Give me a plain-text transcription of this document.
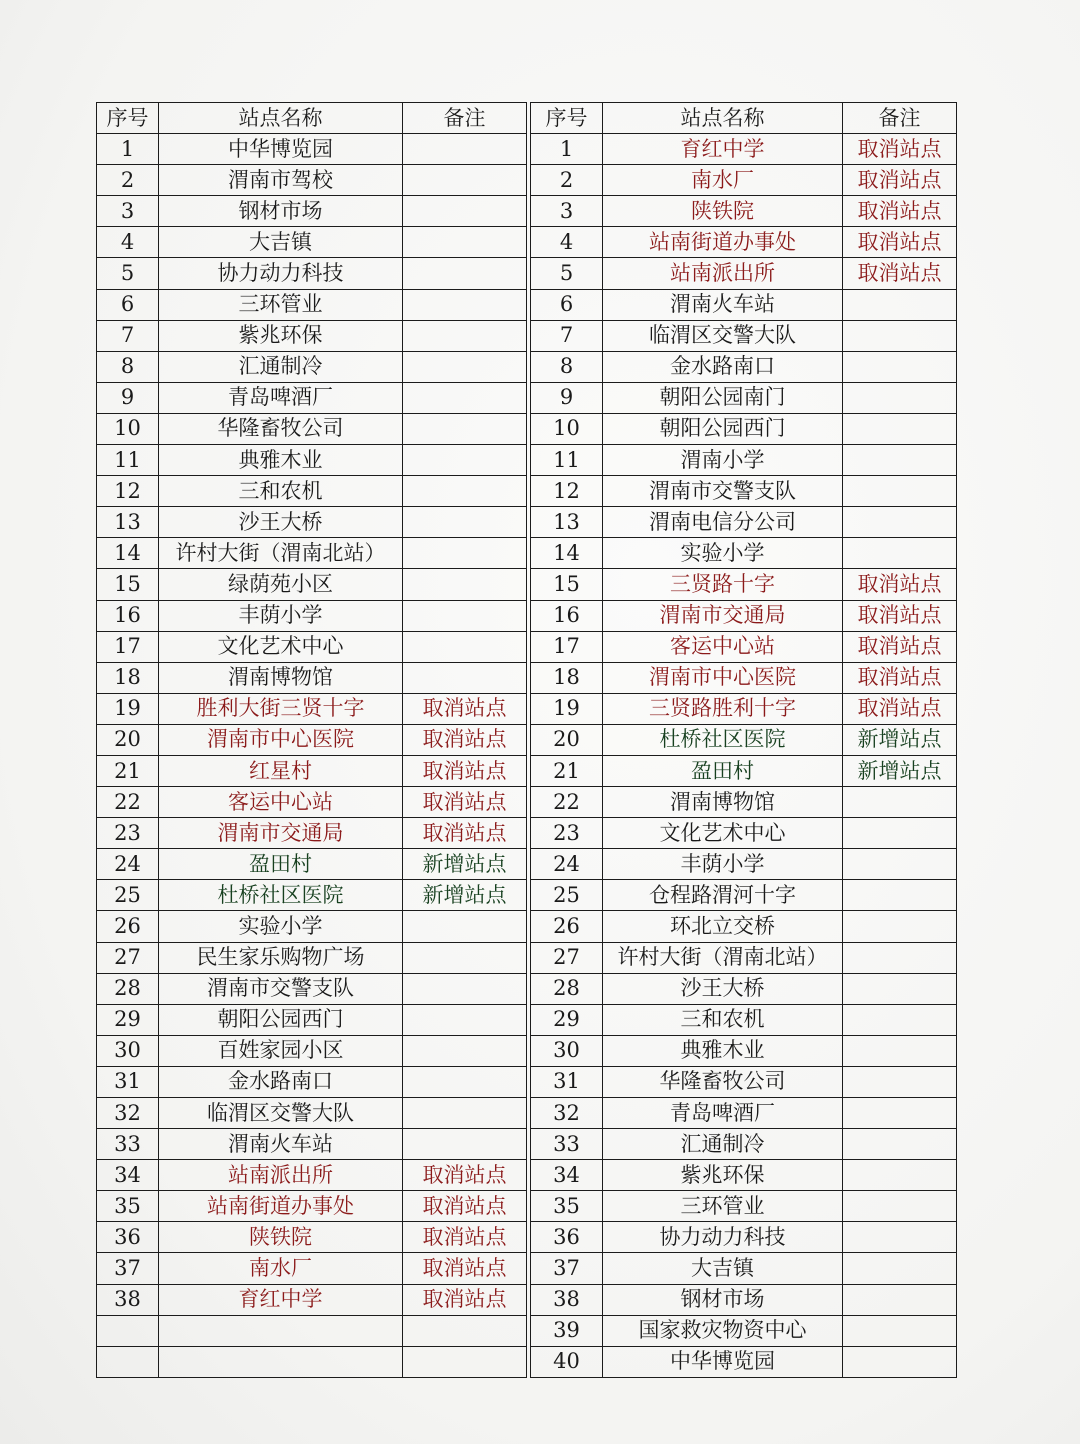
序号	站点名称	备注		序号	站点名称	备注
1	中华博览园			1	育红中学	取消站点
2	渭南市驾校			2	南水厂	取消站点
3	钢材市场			3	陕铁院	取消站点
4	大吉镇			4	站南街道办事处	取消站点
5	协力动力科技			5	站南派出所	取消站点
6	三环管业			6	渭南火车站	
7	紫兆环保			7	临渭区交警大队	
8	汇通制冷			8	金水路南口	
9	青岛啤酒厂			9	朝阳公园南门	
10	华隆畜牧公司			10	朝阳公园西门	
11	典雅木业			11	渭南小学	
12	三和农机			12	渭南市交警支队	
13	沙王大桥			13	渭南电信分公司	
14	许村大街（渭南北站）			14	实验小学	
15	绿荫苑小区			15	三贤路十字	取消站点
16	丰荫小学			16	渭南市交通局	取消站点
17	文化艺术中心			17	客运中心站	取消站点
18	渭南博物馆			18	渭南市中心医院	取消站点
19	胜利大街三贤十字	取消站点		19	三贤路胜利十字	取消站点
20	渭南市中心医院	取消站点		20	杜桥社区医院	新增站点
21	红星村	取消站点		21	盈田村	新增站点
22	客运中心站	取消站点		22	渭南博物馆	
23	渭南市交通局	取消站点		23	文化艺术中心	
24	盈田村	新增站点		24	丰荫小学	
25	杜桥社区医院	新增站点		25	仓程路渭河十字	
26	实验小学			26	环北立交桥	
27	民生家乐购物广场			27	许村大街（渭南北站）	
28	渭南市交警支队			28	沙王大桥	
29	朝阳公园西门			29	三和农机	
30	百姓家园小区			30	典雅木业	
31	金水路南口			31	华隆畜牧公司	
32	临渭区交警大队			32	青岛啤酒厂	
33	渭南火车站			33	汇通制冷	
34	站南派出所	取消站点		34	紫兆环保	
35	站南街道办事处	取消站点		35	三环管业	
36	陕铁院	取消站点		36	协力动力科技	
37	南水厂	取消站点		37	大吉镇	
38	育红中学	取消站点		38	钢材市场	
				39	国家救灾物资中心	
				40	中华博览园	
